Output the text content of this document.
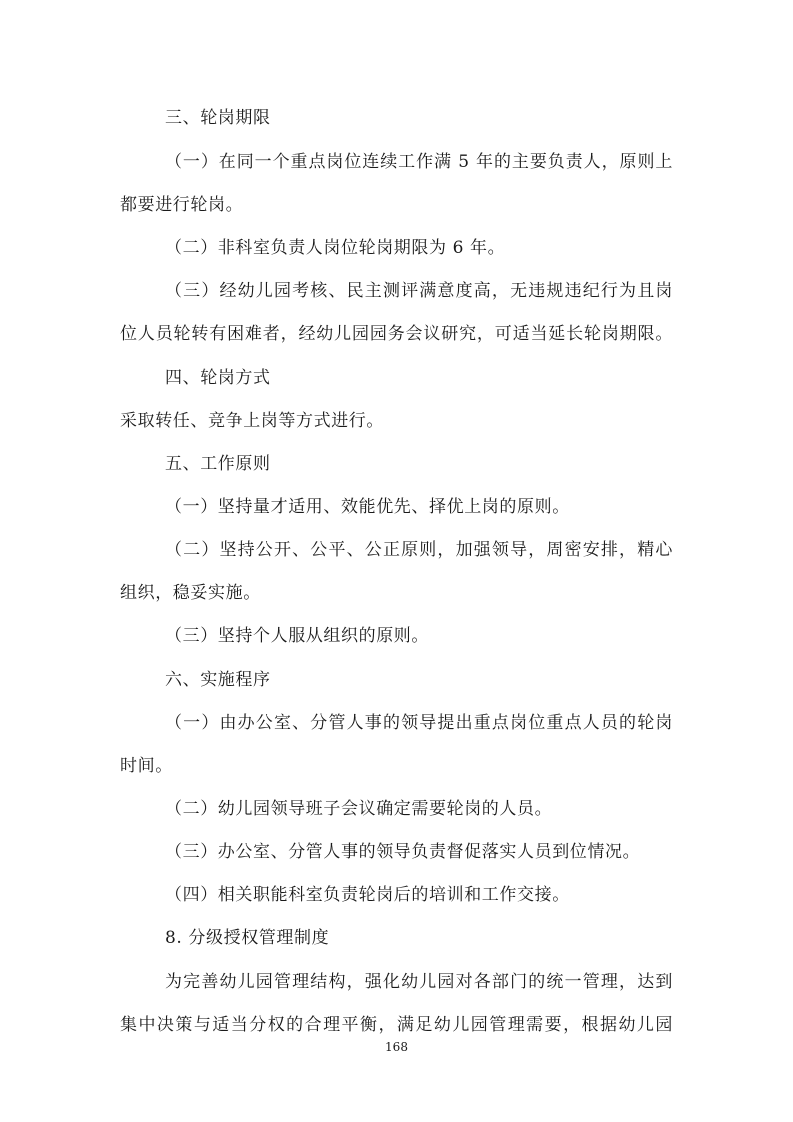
三、轮岗期限
（一）在同一个重点岗位连续工作满 5 年的主要负责人，原则上
都要进行轮岗。
（二）非科室负责人岗位轮岗期限为 6 年。
（三）经幼儿园考核、民主测评满意度高，无违规违纪行为且岗
位人员轮转有困难者，经幼儿园园务会议研究，可适当延长轮岗期限。
四、轮岗方式
采取转任、竞争上岗等方式进行。
五、工作原则
（一）坚持量才适用、效能优先、择优上岗的原则。
（二）坚持公开、公平、公正原则，加强领导，周密安排，精心
组织，稳妥实施。
（三）坚持个人服从组织的原则。
六、实施程序
（一）由办公室、分管人事的领导提出重点岗位重点人员的轮岗
时间。
（二）幼儿园领导班子会议确定需要轮岗的人员。
（三）办公室、分管人事的领导负责督促落实人员到位情况。
（四）相关职能科室负责轮岗后的培训和工作交接。
8. 分级授权管理制度
为完善幼儿园管理结构，强化幼儿园对各部门的统一管理，达到
集中决策与适当分权的合理平衡，满足幼儿园管理需要，根据幼儿园
168
